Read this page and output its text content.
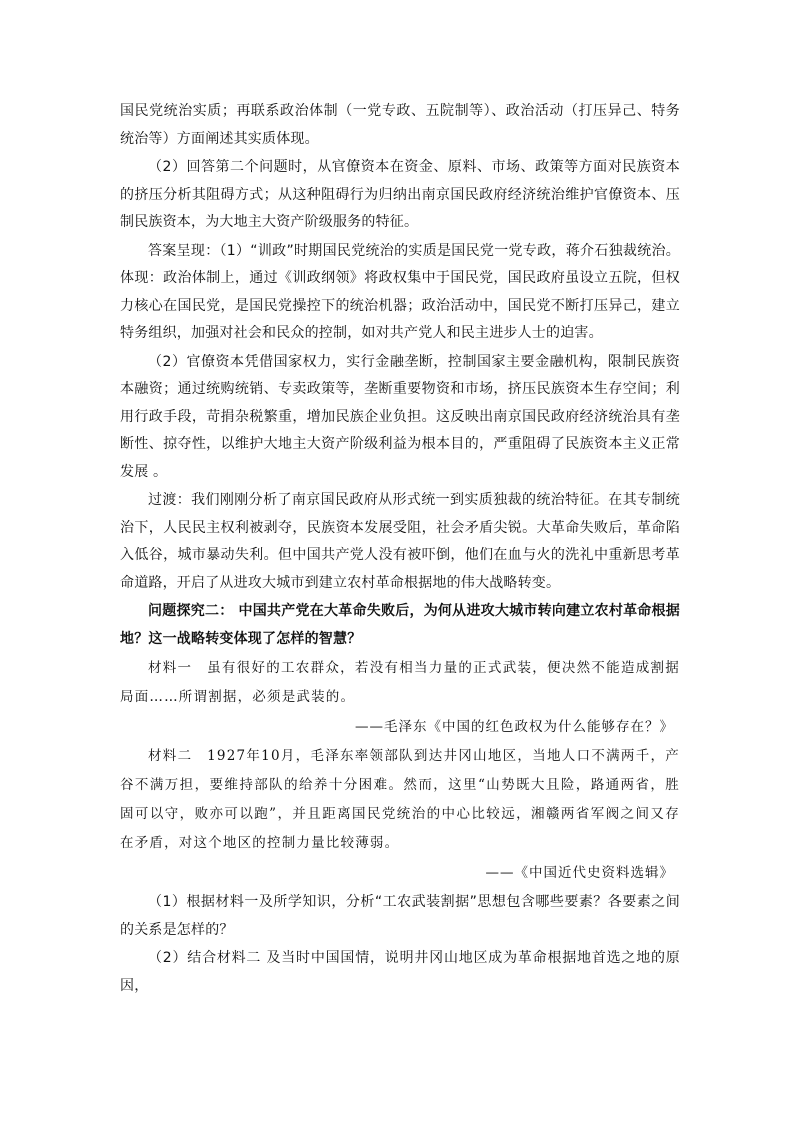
国民党统治实质；再联系政治体制（一党专政、五院制等）、政治活动（打压异己、特务统治等）方面阐述其实质体现。

（2）回答第二个问题时，从官僚资本在资金、原料、市场、政策等方面对民族资本的挤压分析其阻碍方式；从这种阻碍行为归纳出南京国民政府经济统治维护官僚资本、压制民族资本，为大地主大资产阶级服务的特征。

答案呈现：（1）“训政”时期国民党统治的实质是国民党一党专政，蒋介石独裁统治。体现：政治体制上，通过《训政纲领》将政权集中于国民党，国民政府虽设立五院，但权力核心在国民党，是国民党操控下的统治机器；政治活动中，国民党不断打压异己，建立特务组织，加强对社会和民众的控制，如对共产党人和民主进步人士的迫害。

（2）官僚资本凭借国家权力，实行金融垄断，控制国家主要金融机构，限制民族资本融资；通过统购统销、专卖政策等，垄断重要物资和市场，挤压民族资本生存空间；利用行政手段，苛捐杂税繁重，增加民族企业负担。这反映出南京国民政府经济统治具有垄断性、掠夺性，以维护大地主大资产阶级利益为根本目的，严重阻碍了民族资本主义正常发展 。

过渡：我们刚刚分析了南京国民政府从形式统一到实质独裁的统治特征。在其专制统治下，人民民主权利被剥夺，民族资本发展受阻，社会矛盾尖锐。大革命失败后，革命陷入低谷，城市暴动失利。但中国共产党人没有被吓倒，他们在血与火的洗礼中重新思考革命道路，开启了从进攻大城市到建立农村革命根据地的伟大战略转变。

问题探究二： 中国共产党在大革命失败后，为何从进攻大城市转向建立农村革命根据地？这一战略转变体现了怎样的智慧？

材料一　虽有很好的工农群众，若没有相当力量的正式武装，便决然不能造成割据局面……所谓割据，必须是武装的。

——毛泽东《中国的红色政权为什么能够存在？》

材料二　1927年10月，毛泽东率领部队到达井冈山地区，当地人口不满两千，产谷不满万担，要维持部队的给养十分困难。然而，这里“山势既大且险，路通两省，胜固可以守，败亦可以跑”，并且距离国民党统治的中心比较远，湘赣两省军阀之间又存在矛盾，对这个地区的控制力量比较薄弱。

——《中国近代史资料选辑》

（1）根据材料一及所学知识，分析“工农武装割据”思想包含哪些要素？各要素之间的关系是怎样的？

（2）结合材料二 及当时中国国情，说明井冈山地区成为革命根据地首选之地的原因，
